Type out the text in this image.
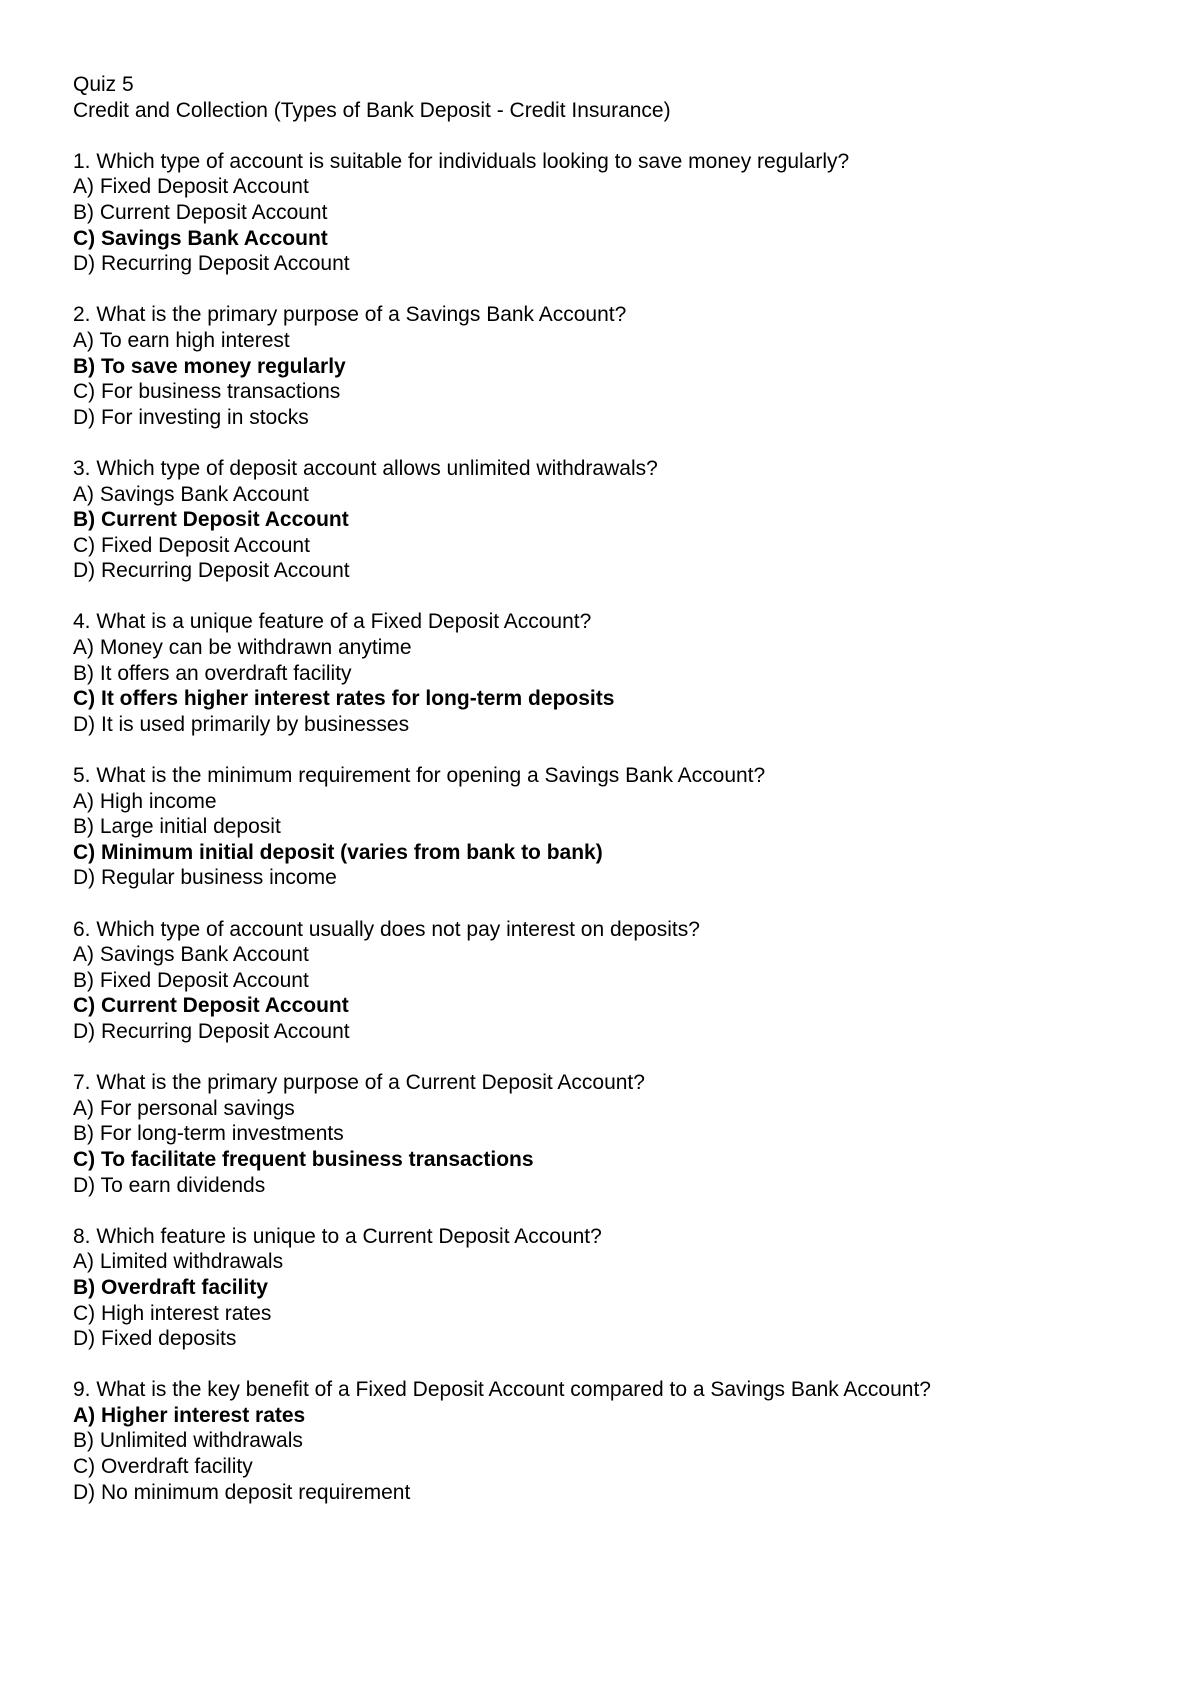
Quiz 5
Credit and Collection (Types of Bank Deposit - Credit Insurance)
1. Which type of account is suitable for individuals looking to save money regularly?
A) Fixed Deposit Account
B) Current Deposit Account
C) Savings Bank Account
D) Recurring Deposit Account
2. What is the primary purpose of a Savings Bank Account?
A) To earn high interest
B) To save money regularly
C) For business transactions
D) For investing in stocks
3. Which type of deposit account allows unlimited withdrawals?
A) Savings Bank Account
B) Current Deposit Account
C) Fixed Deposit Account
D) Recurring Deposit Account
4. What is a unique feature of a Fixed Deposit Account?
A) Money can be withdrawn anytime
B) It offers an overdraft facility
C) It offers higher interest rates for long-term deposits
D) It is used primarily by businesses
5. What is the minimum requirement for opening a Savings Bank Account?
A) High income
B) Large initial deposit
C) Minimum initial deposit (varies from bank to bank)
D) Regular business income
6. Which type of account usually does not pay interest on deposits?
A) Savings Bank Account
B) Fixed Deposit Account
C) Current Deposit Account
D) Recurring Deposit Account
7. What is the primary purpose of a Current Deposit Account?
A) For personal savings
B) For long-term investments
C) To facilitate frequent business transactions
D) To earn dividends
8. Which feature is unique to a Current Deposit Account?
A) Limited withdrawals
B) Overdraft facility
C) High interest rates
D) Fixed deposits
9. What is the key benefit of a Fixed Deposit Account compared to a Savings Bank Account?
A) Higher interest rates
B) Unlimited withdrawals
C) Overdraft facility
D) No minimum deposit requirement
